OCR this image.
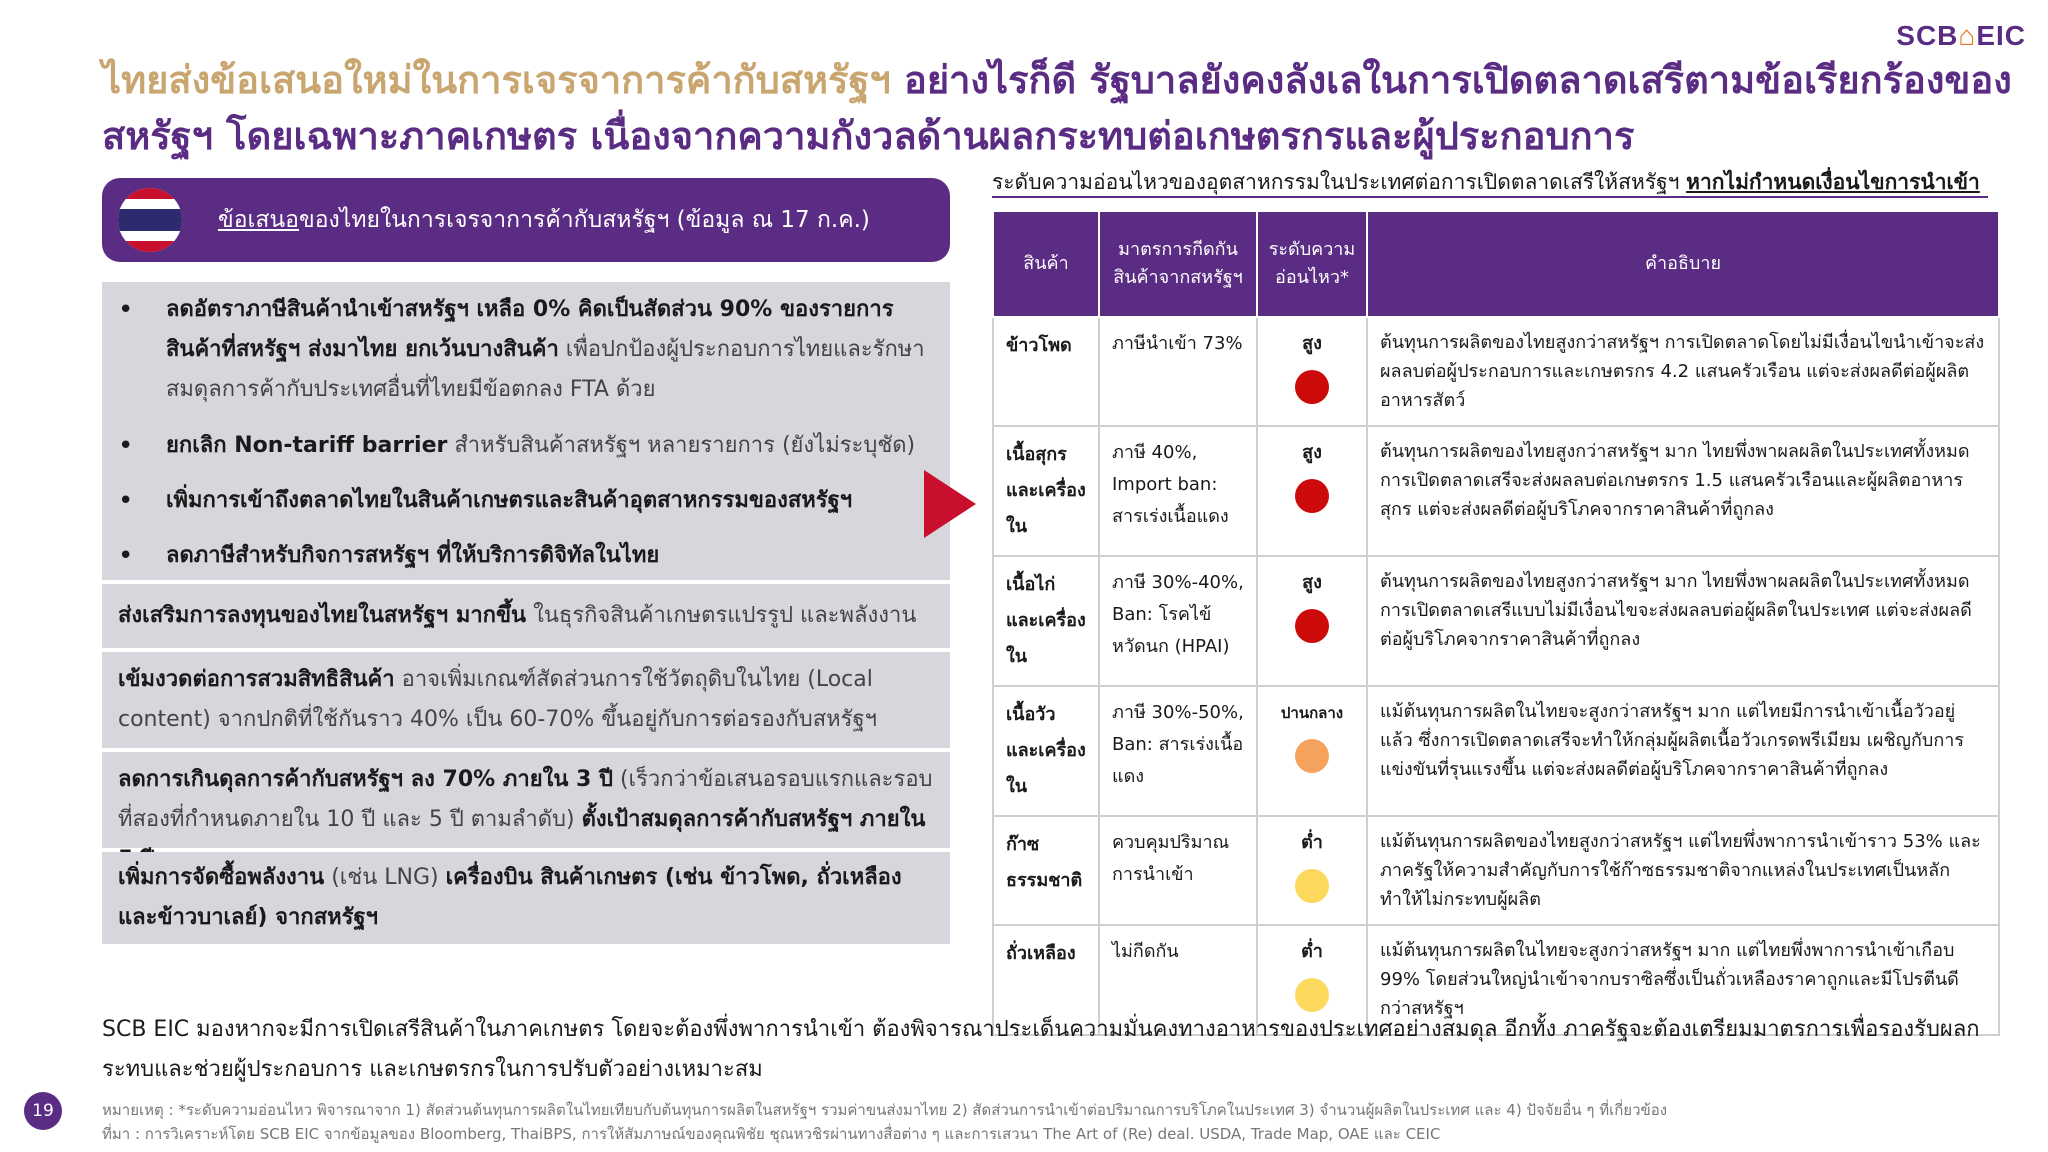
SCB⌂EIC
ไทยส่งข้อเสนอใหม่ในการเจรจาการค้ากับสหรัฐฯ อย่างไรก็ดี รัฐบาลยังคงลังเลในการเปิดตลาดเสรีตามข้อเรียกร้องของสหรัฐฯ โดยเฉพาะภาคเกษตร เนื่องจากความกังวลด้านผลกระทบต่อเกษตรกรและผู้ประกอบการ
ข้อเสนอของไทยในการเจรจาการค้ากับสหรัฐฯ (ข้อมูล ณ 17 ก.ค.)
• ลดอัตราภาษีสินค้านำเข้าสหรัฐฯ เหลือ 0% คิดเป็นสัดส่วน 90% ของรายการสินค้าที่สหรัฐฯ ส่งมาไทย ยกเว้นบางสินค้า เพื่อปกป้องผู้ประกอบการไทยและรักษาสมดุลการค้ากับประเทศอื่นที่ไทยมีข้อตกลง FTA ด้วย
• ยกเลิก Non-tariff barrier สำหรับสินค้าสหรัฐฯ หลายรายการ (ยังไม่ระบุชัด)
• เพิ่มการเข้าถึงตลาดไทยในสินค้าเกษตรและสินค้าอุตสาหกรรมของสหรัฐฯ
• ลดภาษีสำหรับกิจการสหรัฐฯ ที่ให้บริการดิจิทัลในไทย
ส่งเสริมการลงทุนของไทยในสหรัฐฯ มากขึ้น ในธุรกิจสินค้าเกษตรแปรรูป และพลังงาน
เข้มงวดต่อการสวมสิทธิสินค้า อาจเพิ่มเกณฑ์สัดส่วนการใช้วัตถุดิบในไทย (Local content) จากปกติที่ใช้กันราว 40% เป็น 60-70% ขึ้นอยู่กับการต่อรองกับสหรัฐฯ
ลดการเกินดุลการค้ากับสหรัฐฯ ลง 70% ภายใน 3 ปี (เร็วกว่าข้อเสนอรอบแรกและรอบที่สองที่กำหนดภายใน 10 ปี และ 5 ปี ตามลำดับ) ตั้งเป้าสมดุลการค้ากับสหรัฐฯ ภายใน
เพิ่มการจัดซื้อพลังงาน (เช่น LNG) เครื่องบิน สินค้าเกษตร (เช่น ข้าวโพด, ถั่วเหลือง และข้าวบาเลย์) จากสหรัฐฯ
ระดับความอ่อนไหวของอุตสาหกรรมในประเทศต่อการเปิดตลาดเสรีให้สหรัฐฯ หากไม่กำหนดเงื่อนไขการนำเข้า
สินค้า	มาตรการกีดกันสินค้าจากสหรัฐฯ	ระดับความอ่อนไหว*	คำอธิบาย
ข้าวโพด	ภาษีนำเข้า 73%	สูง	ต้นทุนการผลิตของไทยสูงกว่าสหรัฐฯ การเปิดตลาดโดยไม่มีเงื่อนไขนำเข้าจะส่งผลลบต่อผู้ประกอบการและเกษตรกร 4.2 แสนครัวเรือน แต่จะส่งผลดีต่อผู้ผลิตอาหารสัตว์
เนื้อสุกรและเครื่องใน	ภาษี 40%, Import ban: สารเร่งเนื้อแดง	สูง	ต้นทุนการผลิตของไทยสูงกว่าสหรัฐฯ มาก ไทยพึ่งพาผลผลิตในประเทศทั้งหมด การเปิดตลาดเสรีจะส่งผลลบต่อเกษตรกร 1.5 แสนครัวเรือนและผู้ผลิตอาหารสุกร แต่จะส่งผลดีต่อผู้บริโภคจากราคาสินค้าที่ถูกลง
เนื้อไก่และเครื่องใน	ภาษี 30%-40%, Ban: โรคไข้หวัดนก (HPAI)	สูง	ต้นทุนการผลิตของไทยสูงกว่าสหรัฐฯ มาก ไทยพึ่งพาผลผลิตในประเทศทั้งหมด การเปิดตลาดเสรีแบบไม่มีเงื่อนไขจะส่งผลลบต่อผู้ผลิตในประเทศ แต่จะส่งผลดีต่อผู้บริโภคจากราคาสินค้าที่ถูกลง
เนื้อวัวและเครื่องใน	ภาษี 30%-50%, Ban: สารเร่งเนื้อแดง	ปานกลาง	แม้ต้นทุนการผลิตในไทยจะสูงกว่าสหรัฐฯ มาก แต่ไทยมีการนำเข้าเนื้อวัวอยู่แล้ว ซึ่งการเปิดตลาดเสรีจะทำให้กลุ่มผู้ผลิตเนื้อวัวเกรดพรีเมียม เผชิญกับการแข่งขันที่รุนแรงขึ้น แต่จะส่งผลดีต่อผู้บริโภคจากราคาสินค้าที่ถูกลง
ก๊าซธรรมชาติ	ควบคุมปริมาณการนำเข้า	ต่ำ	แม้ต้นทุนการผลิตของไทยสูงกว่าสหรัฐฯ แต่ไทยพึ่งพาการนำเข้าราว 53% และภาครัฐให้ความสำคัญกับการใช้ก๊าซธรรมชาติจากแหล่งในประเทศเป็นหลัก ทำให้ไม่กระทบผู้ผลิต
ถั่วเหลือง	ไม่กีดกัน	ต่ำ	แม้ต้นทุนการผลิตในไทยจะสูงกว่าสหรัฐฯ มาก แต่ไทยพึ่งพาการนำเข้าเกือบ 99% โดยส่วนใหญ่นำเข้าจากบราซิลซึ่งเป็นถั่วเหลืองราคาถูกและมีโปรตีนดีกว่าสหรัฐฯ
SCB EIC มองหากจะมีการเปิดเสรีสินค้าในภาคเกษตร โดยจะต้องพึ่งพาการนำเข้า ต้องพิจารณาประเด็นความมั่นคงทางอาหารของประเทศอย่างสมดุล อีกทั้ง ภาครัฐจะต้องเตรียมมาตรการเพื่อรองรับผลกระทบและช่วยผู้ประกอบการ และเกษตรกรในการปรับตัวอย่างเหมาะสม
19	หมายเหตุ : *ระดับความอ่อนไหว พิจารณาจาก 1) สัดส่วนต้นทุนการผลิตในไทยเทียบกับต้นทุนการผลิตในสหรัฐฯ รวมค่าขนส่งมาไทย 2) สัดส่วนการนำเข้าต่อปริมาณการบริโภคในประเทศ 3) จำนวนผู้ผลิตในประเทศ และ 4) ปัจจัยอื่น ๆ ที่เกี่ยวข้อง
ที่มา : การวิเคราะห์โดย SCB EIC จากข้อมูลของ Bloomberg, ThaiBPS, การให้สัมภาษณ์ของคุณพิชัย ชุณหวชิรผ่านทางสื่อต่าง ๆ และการเสวนา The Art of (Re) deal. USDA, Trade Map, OAE และ CEIC
